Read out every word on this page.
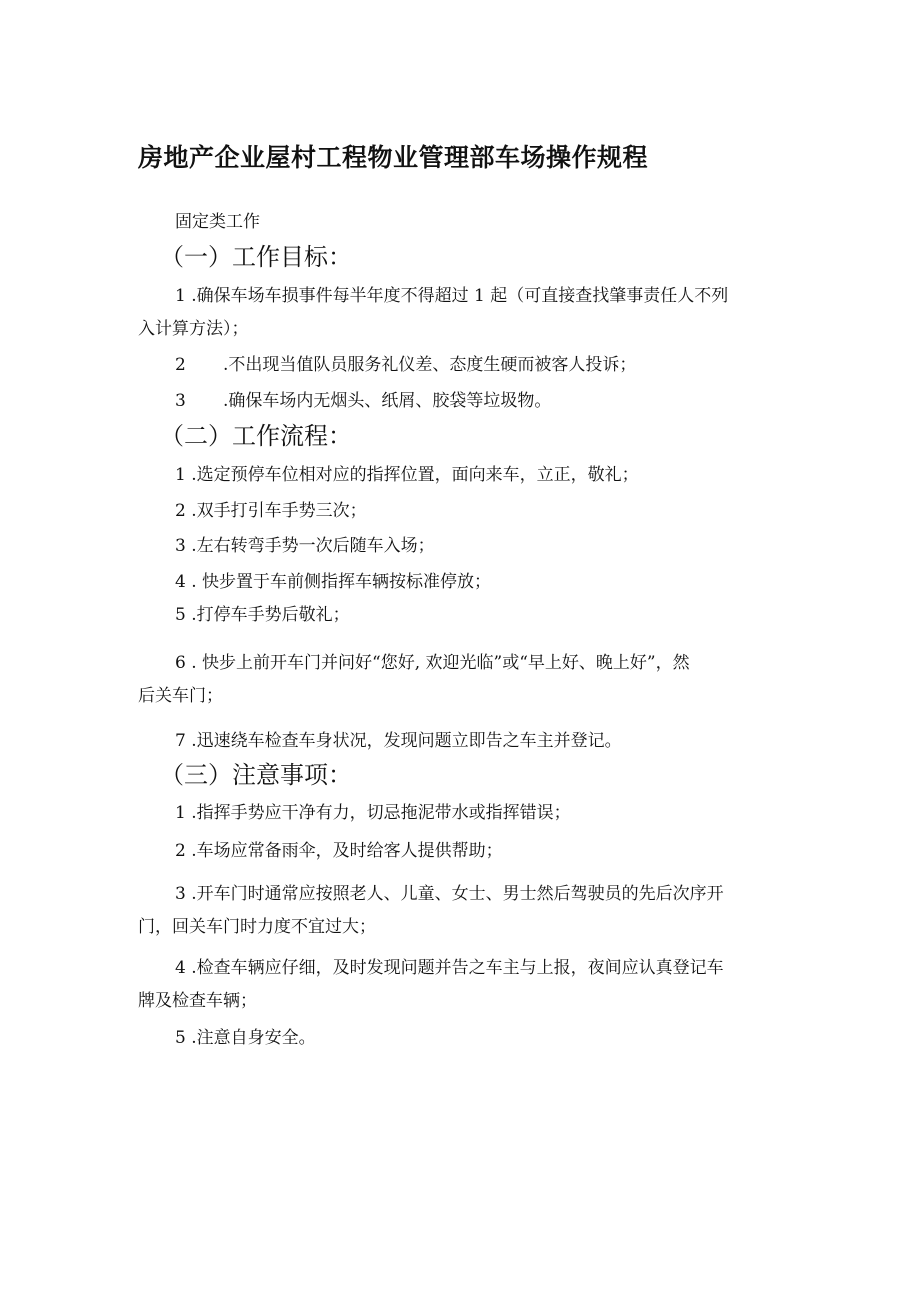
房地产企业屋村工程物业管理部车场操作规程
固定类工作
（一）工作目标：
1 .确保车场车损事件每半年度不得超过 1 起（可直接查找肇事责任人不列
入计算方法）；
2 .不出现当值队员服务礼仪差、态度生硬而被客人投诉；
3 .确保车场内无烟头、纸屑、胶袋等垃圾物。
（二）工作流程：
1 .选定预停车位相对应的指挥位置，面向来车，立正，敬礼；
2 .双手打引车手势三次；
3 .左右转弯手势一次后随车入场；
4 . 快步置于车前侧指挥车辆按标准停放；
5 .打停车手势后敬礼；
6 . 快步上前开车门并问好“您好, 欢迎光临”或“早上好、晚上好”，然
后关车门；
7 .迅速绕车检查车身状况，发现问题立即告之车主并登记。
（三）注意事项：
1 .指挥手势应干净有力，切忌拖泥带水或指挥错误；
2 .车场应常备雨伞，及时给客人提供帮助；
3 .开车门时通常应按照老人、儿童、女士、男士然后驾驶员的先后次序开
门，回关车门时力度不宜过大；
4 .检查车辆应仔细，及时发现问题并告之车主与上报，夜间应认真登记车
牌及检查车辆；
5 .注意自身安全。
